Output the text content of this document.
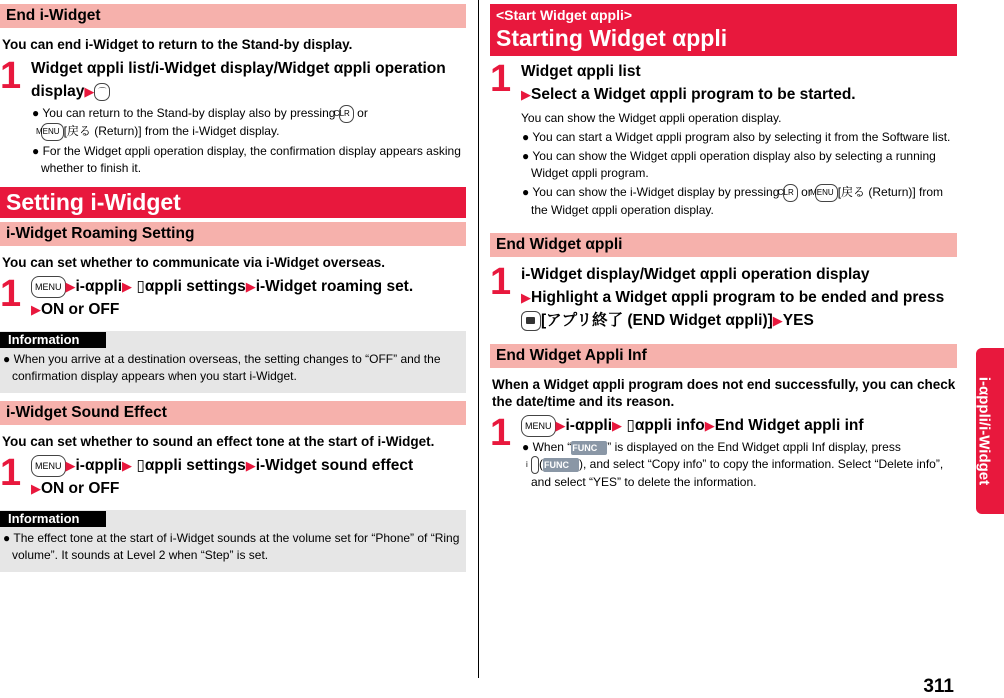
End i-Widget
You can end i-Widget to return to the Stand-by display.
1 Widget αppli list/i-Widget display/Widget αppli operation display▶ ⌒
● You can return to the Stand-by display also by pressing CLR or
MENU [戻る (Return)] from the i-Widget display.
● For the Widget αppli operation display, the confirmation display appears asking whether to finish it.
Setting i-Widget
i-Widget Roaming Setting
You can set whether to communicate via i-Widget overseas.
1	MENU ▶i-αppli▶ ▯αppli settings▶i-Widget roaming set.
▶ON or OFF
Information
● When you arrive at a destination overseas, the setting changes to “OFF” and the confirmation display appears when you start i-Widget.
i-Widget Sound Effect
You can set whether to sound an effect tone at the start of i-Widget.
1	MENU ▶i-αppli▶ ▯αppli settings▶i-Widget sound effect
▶ON or OFF
Information
● The effect tone at the start of i-Widget sounds at the volume set for “Phone” of “Ring volume”. It sounds at Level 2 when “Step” is set.
<Start Widget αppli>
Starting Widget αppli
1 Widget αppli list
▶Select a Widget αppli program to be started.
You can show the Widget αppli operation display.
● You can start a Widget αppli program also by selecting it from the Software list.
● You can show the Widget αppli operation display also by selecting a running Widget αppli program.
● You can show the i-Widget display by pressing CLR or MENU [戻る (Return)] from the Widget αppli operation display.
End Widget αppli
1 i-Widget display/Widget αppli operation display
▶Highlight a Widget αppli program to be ended and press [アプリ終了 (END Widget αppli)]▶YES
End Widget Appli Inf
When a Widget αppli program does not end successfully, you can check the date/time and its reason.
1	MENU ▶i-αppli▶ ▯αppli info▶End Widget appli inf
● When “FUNC ” is displayed on the End Widget αppli Inf display, press
i (FUNC ), and select “Copy info” to copy the information. Select “Delete info”, and select “YES” to delete the information.	i-αppli/i-Widget
311
